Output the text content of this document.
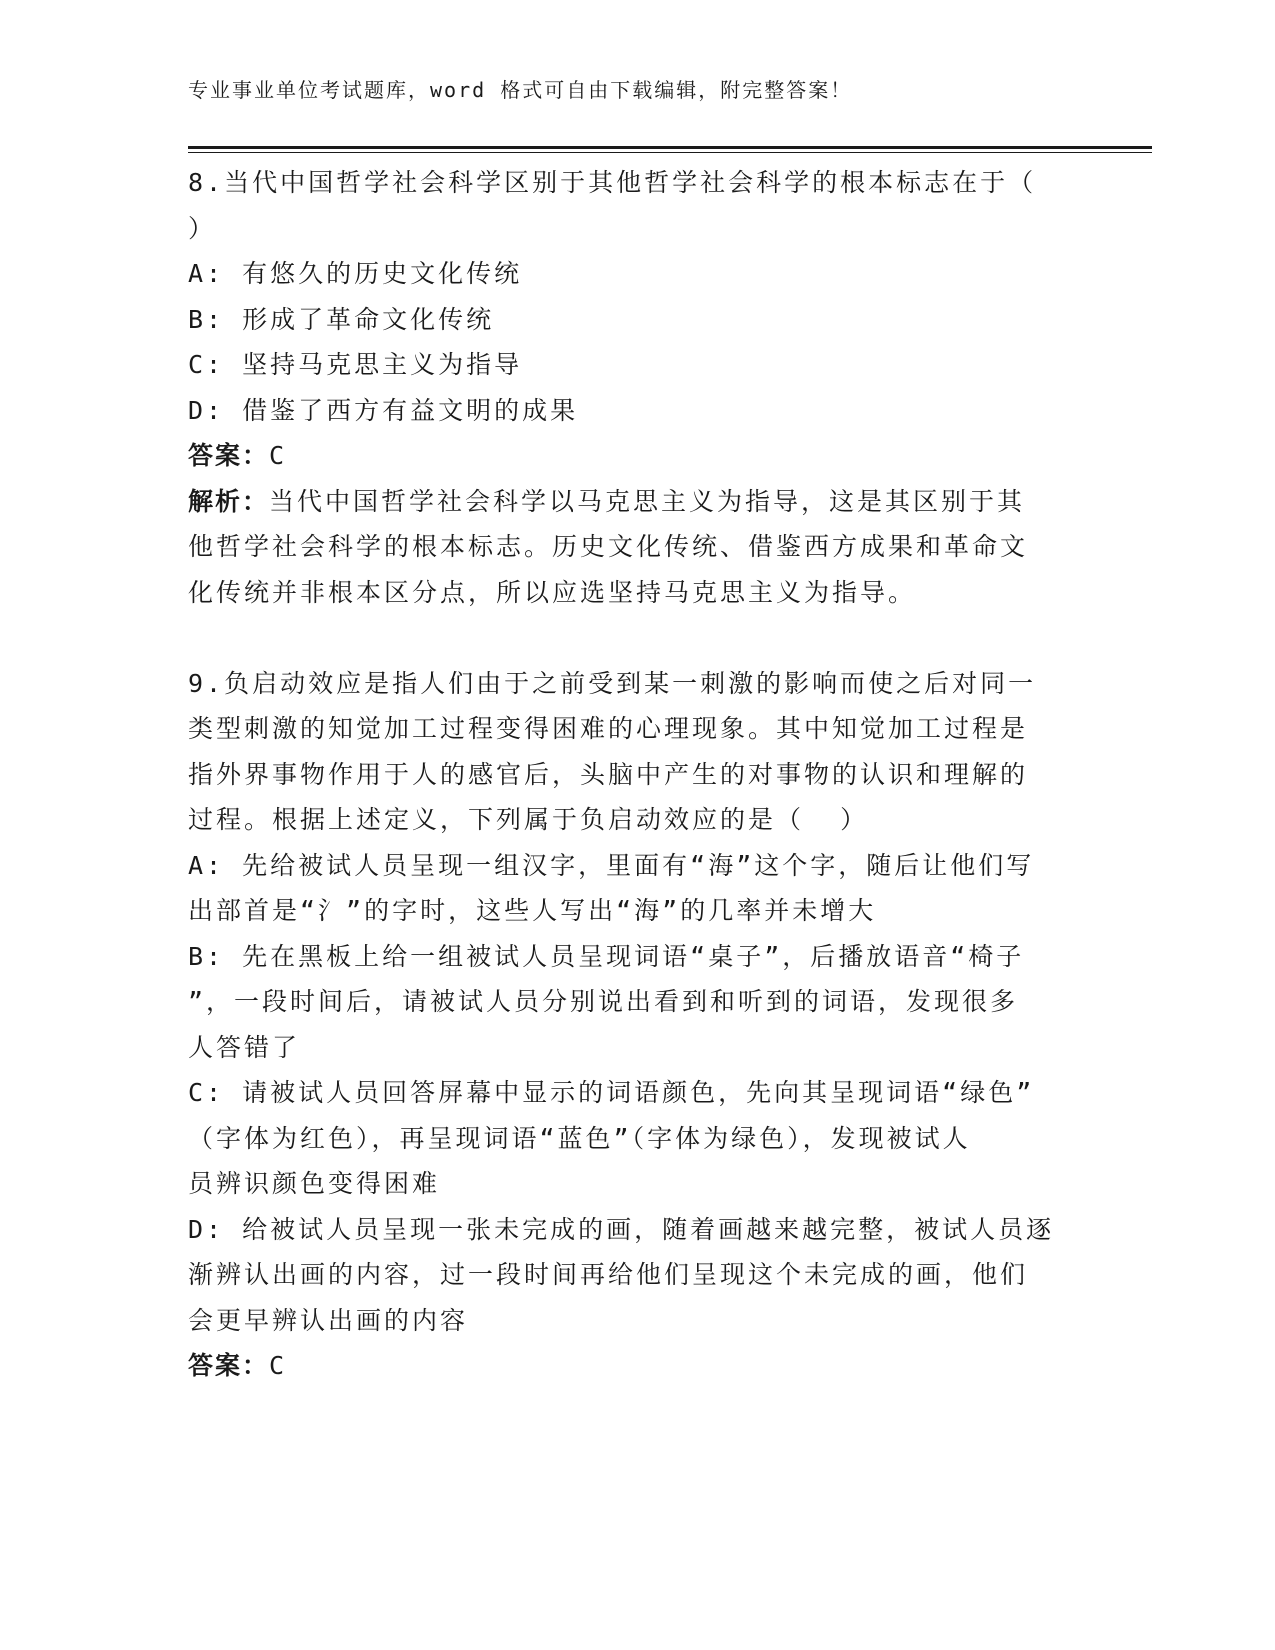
专业事业单位考试题库，word 格式可自由下载编辑，附完整答案！
8.当代中国哲学社会科学区别于其他哲学社会科学的根本标志在于（
）
A: 有悠久的历史文化传统
B: 形成了革命文化传统
C: 坚持马克思主义为指导
D: 借鉴了西方有益文明的成果
答案：C
解析：当代中国哲学社会科学以马克思主义为指导，这是其区别于其
他哲学社会科学的根本标志。历史文化传统、借鉴西方成果和革命文
化传统并非根本区分点，所以应选坚持马克思主义为指导。
9.负启动效应是指人们由于之前受到某一刺激的影响而使之后对同一
类型刺激的知觉加工过程变得困难的心理现象。其中知觉加工过程是
指外界事物作用于人的感官后，头脑中产生的对事物的认识和理解的
过程。根据上述定义，下列属于负启动效应的是（  ）
A: 先给被试人员呈现一组汉字，里面有“海”这个字，随后让他们写
出部首是“氵”的字时，这些人写出“海”的几率并未增大
B: 先在黑板上给一组被试人员呈现词语“桌子”，后播放语音“椅子
”，一段时间后，请被试人员分别说出看到和听到的词语，发现很多
人答错了
C: 请被试人员回答屏幕中显示的词语颜色，先向其呈现词语“绿色”
（字体为红色），再呈现词语“蓝色”（字体为绿色），发现被试人
员辨识颜色变得困难
D: 给被试人员呈现一张未完成的画，随着画越来越完整，被试人员逐
渐辨认出画的内容，过一段时间再给他们呈现这个未完成的画，他们
会更早辨认出画的内容
答案：C
